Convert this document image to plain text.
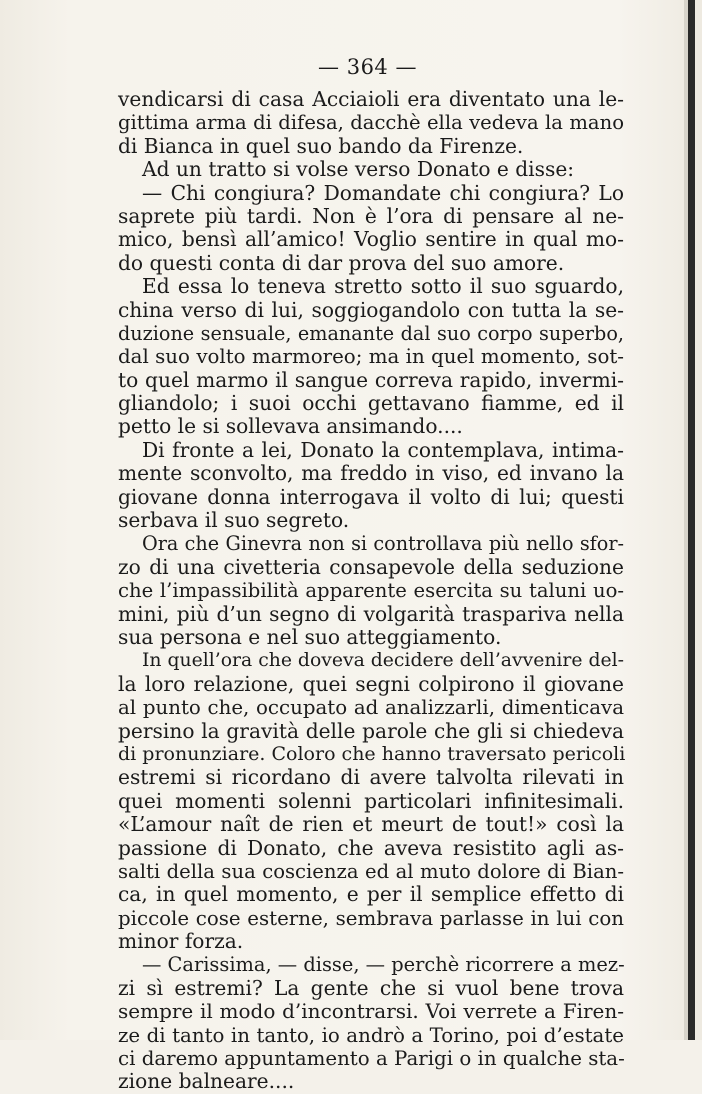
— 364 —
vendicarsi di casa Acciaioli era diventato una le-
gittima arma di difesa, dacchè ella vedeva la mano
di Bianca in quel suo bando da Firenze.
Ad un tratto si volse verso Donato e disse:
— Chi congiura? Domandate chi congiura? Lo
saprete più tardi. Non è l’ora di pensare al ne-
mico, bensì all’amico! Voglio sentire in qual mo-
do questi conta di dar prova del suo amore.
Ed essa lo teneva stretto sotto il suo sguardo,
china verso di lui, soggiogandolo con tutta la se-
duzione sensuale, emanante dal suo corpo superbo,
dal suo volto marmoreo; ma in quel momento, sot-
to quel marmo il sangue correva rapido, invermi-
gliandolo; i suoi occhi gettavano fiamme, ed il
petto le si sollevava ansimando....
Di fronte a lei, Donato la contemplava, intima-
mente sconvolto, ma freddo in viso, ed invano la
giovane donna interrogava il volto di lui; questi
serbava il suo segreto.
Ora che Ginevra non si controllava più nello sfor-
zo di una civetteria consapevole della seduzione
che l’impassibilità apparente esercita su taluni uo-
mini, più d’un segno di volgarità traspariva nella
sua persona e nel suo atteggiamento.
In quell’ora che doveva decidere dell’avvenire del-
la loro relazione, quei segni colpirono il giovane
al punto che, occupato ad analizzarli, dimenticava
persino la gravità delle parole che gli si chiedeva
di pronunziare. Coloro che hanno traversato pericoli
estremi si ricordano di avere talvolta rilevati in
quei momenti solenni particolari infinitesimali.
«L’amour naît de rien et meurt de tout!» così la
passione di Donato, che aveva resistito agli as-
salti della sua coscienza ed al muto dolore di Bian-
ca, in quel momento, e per il semplice effetto di
piccole cose esterne, sembrava parlasse in lui con
minor forza.
— Carissima, — disse, — perchè ricorrere a mez-
zi sì estremi? La gente che si vuol bene trova
sempre il modo d’incontrarsi. Voi verrete a Firen-
ze di tanto in tanto, io andrò a Torino, poi d’estate
ci daremo appuntamento a Parigi o in qualche sta-
zione balneare....
